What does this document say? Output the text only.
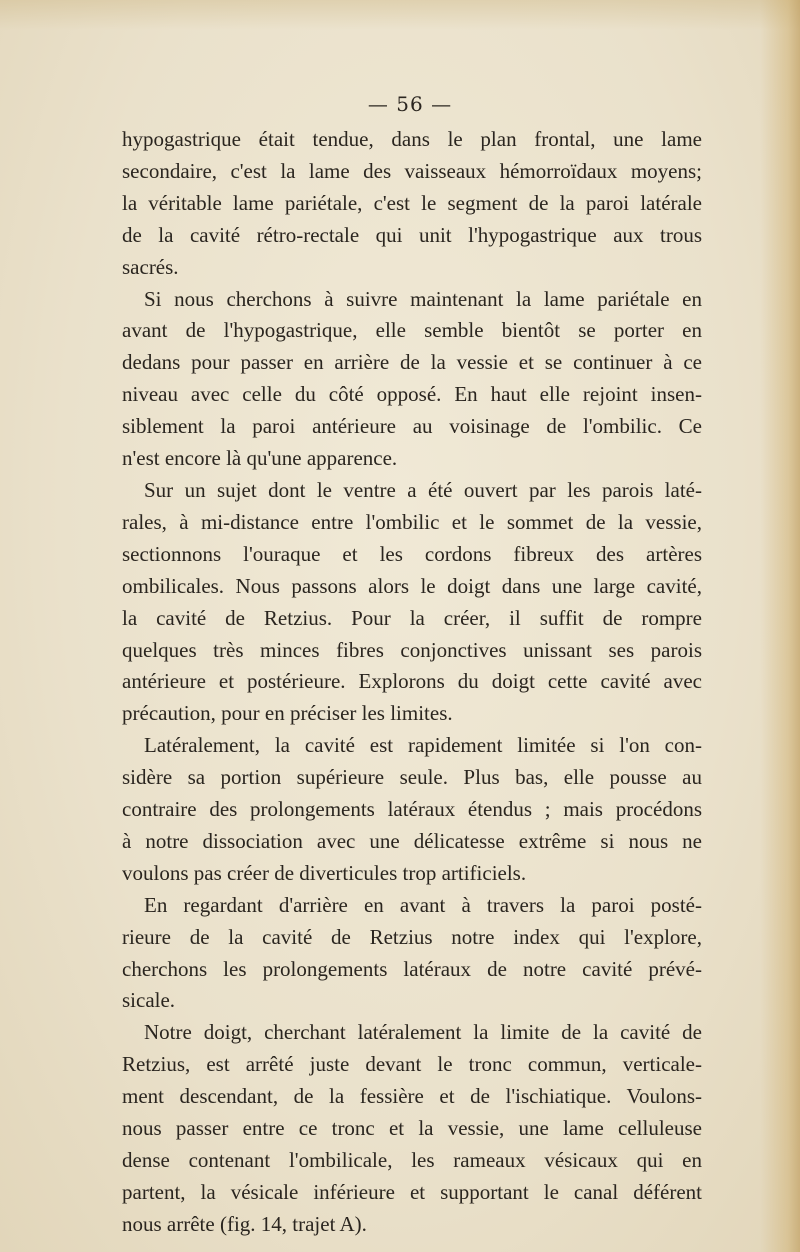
— 56 —
hypogastrique était tendue, dans le plan frontal, une lame
secondaire, c'est la lame des vaisseaux hémorroïdaux moyens;
la véritable lame pariétale, c'est le segment de la paroi latérale
de la cavité rétro-rectale qui unit l'hypogastrique aux trous
sacrés.
Si nous cherchons à suivre maintenant la lame pariétale en
avant de l'hypogastrique, elle semble bientôt se porter en
dedans pour passer en arrière de la vessie et se continuer à ce
niveau avec celle du côté opposé. En haut elle rejoint insen-
siblement la paroi antérieure au voisinage de l'ombilic. Ce
n'est encore là qu'une apparence.
Sur un sujet dont le ventre a été ouvert par les parois laté-
rales, à mi-distance entre l'ombilic et le sommet de la vessie,
sectionnons l'ouraque et les cordons fibreux des artères
ombilicales. Nous passons alors le doigt dans une large cavité,
la cavité de Retzius. Pour la créer, il suffit de rompre
quelques très minces fibres conjonctives unissant ses parois
antérieure et postérieure. Explorons du doigt cette cavité avec
précaution, pour en préciser les limites.
Latéralement, la cavité est rapidement limitée si l'on con-
sidère sa portion supérieure seule. Plus bas, elle pousse au
contraire des prolongements latéraux étendus ; mais procédons
à notre dissociation avec une délicatesse extrême si nous ne
voulons pas créer de diverticules trop artificiels.
En regardant d'arrière en avant à travers la paroi posté-
rieure de la cavité de Retzius notre index qui l'explore,
cherchons les prolongements latéraux de notre cavité prévé-
sicale.
Notre doigt, cherchant latéralement la limite de la cavité de
Retzius, est arrêté juste devant le tronc commun, verticale-
ment descendant, de la fessière et de l'ischiatique. Voulons-
nous passer entre ce tronc et la vessie, une lame celluleuse
dense contenant l'ombilicale, les rameaux vésicaux qui en
partent, la vésicale inférieure et supportant le canal déférent
nous arrête (fig. 14, trajet A).
